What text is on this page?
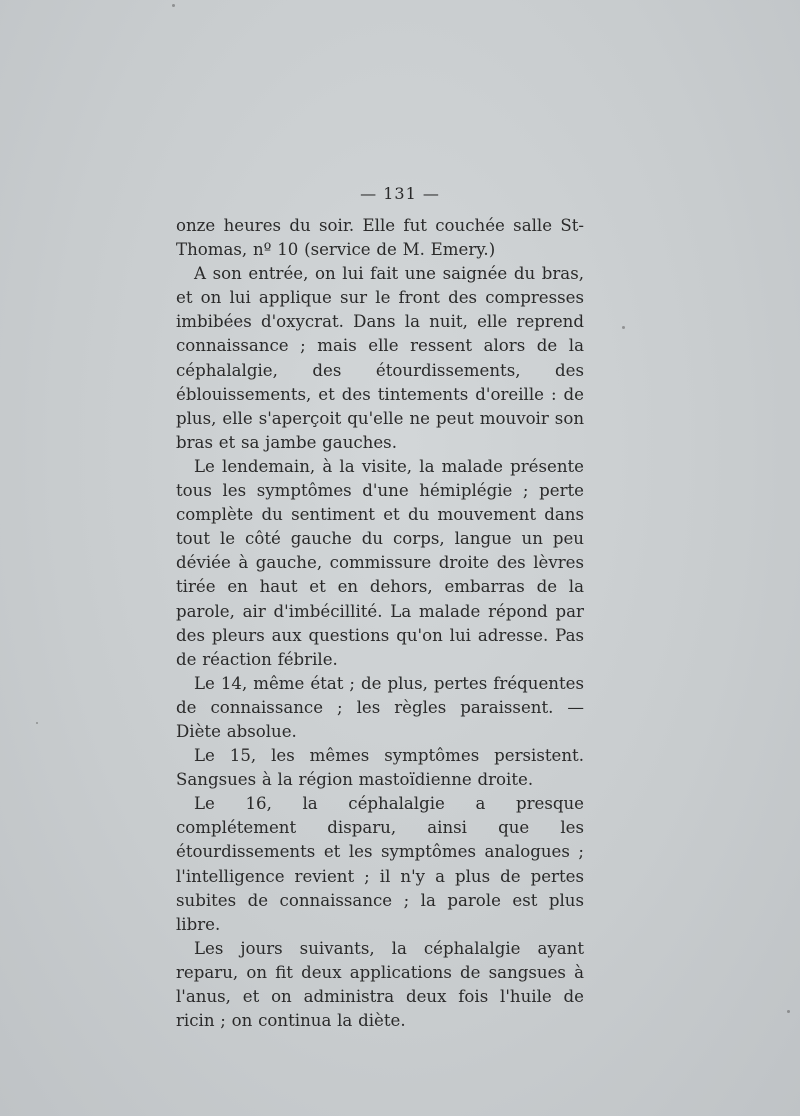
— 131 —

onze heures du soir. Elle fut couchée salle St-Thomas, nº 10 (service de M. Emery.)

A son entrée, on lui fait une saignée du bras, et on lui applique sur le front des compresses imbibées d'oxycrat. Dans la nuit, elle reprend connaissance ; mais elle ressent alors de la céphalalgie, des étourdissements, des éblouissements, et des tintements d'oreille : de plus, elle s'aperçoit qu'elle ne peut mouvoir son bras et sa jambe gauches.

Le lendemain, à la visite, la malade présente tous les symptômes d'une hémiplégie ; perte complète du sentiment et du mouvement dans tout le côté gauche du corps, langue un peu déviée à gauche, commissure droite des lèvres tirée en haut et en dehors, embarras de la parole, air d'imbécillité. La malade répond par des pleurs aux questions qu'on lui adresse. Pas de réaction fébrile.

Le 14, même état ; de plus, pertes fréquentes de connaissance ; les règles paraissent. — Diète absolue.

Le 15, les mêmes symptômes persistent. Sangsues à la région mastoïdienne droite.

Le 16, la céphalalgie a presque complétement disparu, ainsi que les étourdissements et les symptômes analogues ; l'intelligence revient ; il n'y a plus de pertes subites de connaissance ; la parole est plus libre.

Les jours suivants, la céphalalgie ayant reparu, on fit deux applications de sangsues à l'anus, et on administra deux fois l'huile de ricin ; on continua la diète.
